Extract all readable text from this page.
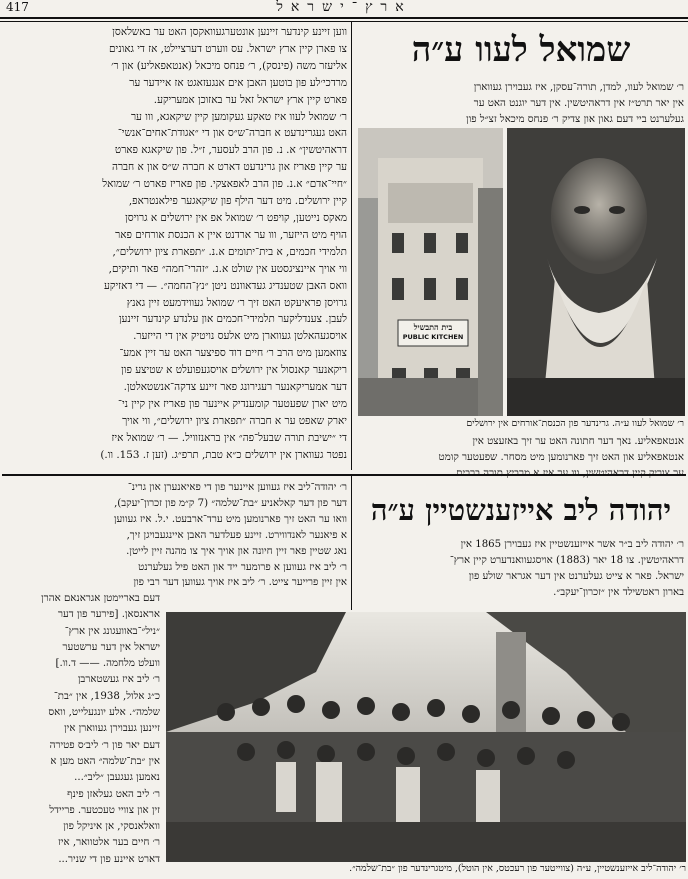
417	ארץ־ישראל
שמואל לעוו ע״ה

ר׳ שמואל לעוו, למדן, תורה־עסקן, איז געבוירן געווארן

אין יאר תרט״ז אין דראהיטשין. אין דער יוגנט האט ער

געלערנט ביי דעם גאון און צדיק ר׳ פנחס מיכאל זצ״ל פון

בית התבשיל
PUBLIC KITCHEN
ר׳ שמואל לעוו ע״ה. גרינדער פון הכנסת־אורחים אין ירושלים

אנטאפאליע. נאך דער חתונה האט ער זיך באזעצט אין

אנטאפאליע און האט זיך פארנומען מיט מסחר. שפעטער קומט

ער צוריק קיין דראהיטשין, ווו ער איז א מרביץ תורה ברבים.

ווען זיינע קינדער זיינען אונטערגעוואקסן האט ער באשלאסן

צו פארן קיין ארץ ישראל. עס ווערט דערציילט, אז די גאונים

אליעזר משה (פינסק), ר׳ פנחס מיכאל (אנטאפאליע) און ר׳

מרדכי׳לע פון בוטען האבן אים אנגעזאגט אז איידער ער

פארט קיין ארץ ישראל זאל ער באזוכן אמעריקע.

ר׳ שמואל לעוו איז טאקע געקומען קיין שיקאגא, ווו ער

האט געגרינדעט א חברה־ש״ס און די ״אגודת־אחים־אנשי־

דראהיטשין״ א. נ. פון הרב לעסער, ז״ל. פון שיקאגא פארט

ער קיין פאריז און גרינדעט דארט א חברה ש״ס און א חברה

״חיי־אדם״ א.נ. פון הרב לאפאצקי. פון פאריז פארט ר׳ שמואל

קיין ירושלים. מיט דער הילף פון שיקאגער פילאנטראפ,

מאקס נייטען, קויפט ר׳ שמואל אפ אין ירושלים א גרויסן

הויף מיט הייזער, ווו ער ארדנט איין א הכנסת אורחים פאר

תלמידי חכמים, א בית־יתומים א.נ. ״תפארת ציון ירושלים״,

ווי אויך איינציגסטע אין שולט א.נ. ״זהרי־חמה״ פאר ותיקים,

וואס האבן שטענדיג געדאוונט ניטן ״נץ־החמה״. — די דאזיקע

גרויסן פראיעקט האט זיך ר׳ שמואל געווידמעט זיין גאנץ

לעבן. צענדליקער תלמידי־חכמים און עלנדע קינדער זיינען

אויסגעהאלטן געווארן מיט אלעס נויטיק אין די הייזער.

צוזאמען מיט הרב ר׳ חיים דוד ספיצער האט ער זיין אמע־

ריקאנער קאנסול אין ירושלים אויסגעפועלט א שטיצע פון

דער אמעריקאנער רעגירונג פאר זיינע צדקה־אנשטאלטן.

מיט יארן שפעטער קומענדיק איינער פון פאריז אין קיין ני־

יארק שאפט ער א חברה ״תפארת ציון ירושלים״, ווי אויך

די ״ישיבת תורה שבעל־פה״ אין בראנזוויל. — ר׳ שמואל איז

נפטר געווארן אין ירושלים כ״א טבת, תרפ״ג. (זען ז. 153. וו.)

יהודה ליב אייזענשטיין ע״ה

ר׳ יהודה ליב ב״ר אשר אייזענשטיין איז געבוירן 1865 אין

דראהיטשין. צו 18 יאר (1883) אויסגעוואנדערט קיין ארץ־

ישראל. פאר א צייט געלערנט אין דער אגראר שולע פון

בארון ראטשילד אין ״זכרון־יעקב״.

ר׳ יהודה־ליב איז געווען איינער פון די פאיאנערן און גרינ־

דער פון דער קאלאניע ״בת־שלמה״ (7 ק״מ פון זכרון־יעקב),

וואו ער האט זיך פארנומען מיט ערד־ארבעט. י.ל. איז געווען

א פיאנער לאנדווירט. זיינע פעלדער האבן איינגעבויגן זיך,

נאג שטיין פאר זיין חיונה און אויך איך צו מהנה זיין לייטן.

ר׳ ליב איז געווען א פרומער ייד און האט פיל געלערנט

אין זיין פרייער צייט. ר׳ ליב איז אויך געווען דער רבי פון

דעם באריימטן אגראנאם אהרן

אראנסאן. [פירער פון דער

״ניל״־באוועגונג אין ארץ־

ישראל אין דער ערשטער

וועלט מלחמה. —— ד.וו.]

ר׳ ליב איז געשטארבן

כ״ג אלול, 1938, אין ״בת־

שלמה״. אלע יונגעלייט, וואס

זיינען געבוירן געווארן אין

דעם יאר פון ר׳ ליב׳ס פטירה

אין ״בת־שלמה״ האט מען א

נאמען געגעבן ״ליב״...

ר׳ ליב האט געלאזן פינף

זין און צוויי טעכטער. פריידל

וואלאנסקי, אן איניקל פון

ר׳ חיים בער אלטוואר, איז

דארט איינע פון די שניר...

ר׳ יהודה־ליב אייזענשטיין, ע״ה (צווייטער פון רעכטס, אין הוטל), מיטגרינדער פון ״בת־שלמה״.
